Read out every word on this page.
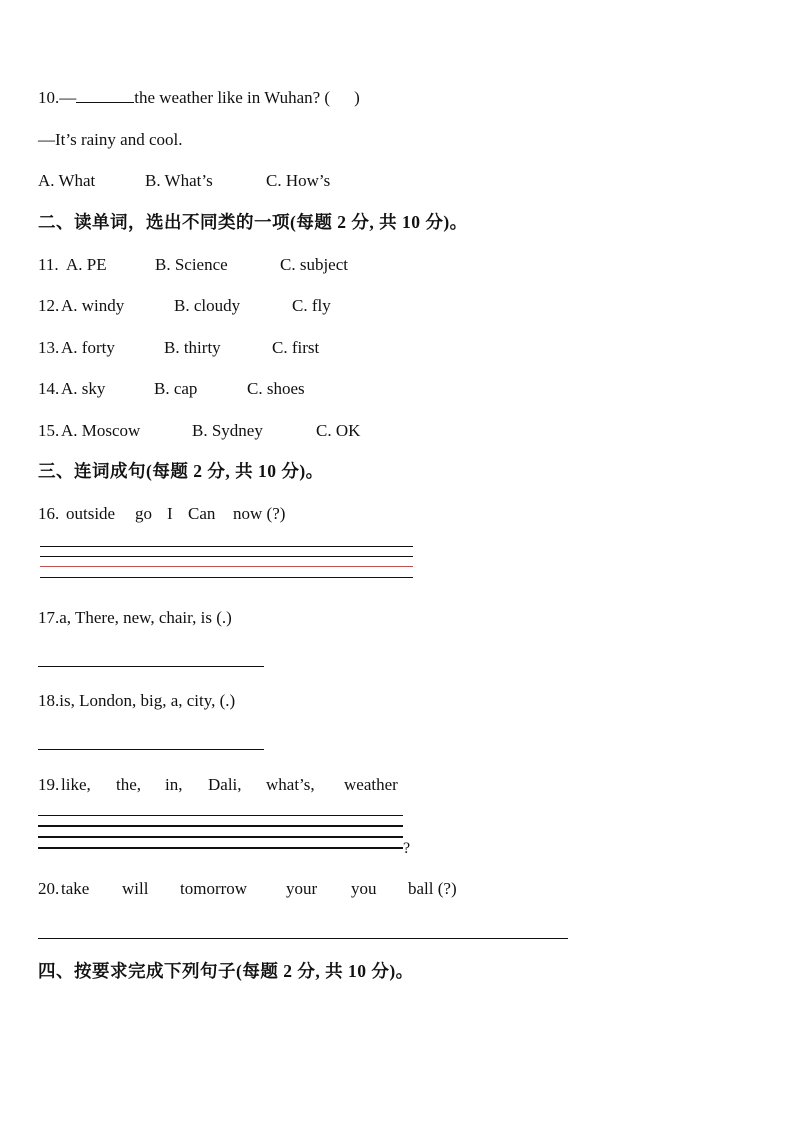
10.—	the weather like in Wuhan? ( )
—It’s rainy and cool.
A. What	B. What’s	C. How’s
二、读单词，选出不同类的一项(每题 2 分, 共 10 分)。
11. A. PE	B. Science	C. subject
12. A. windy	B. cloudy	C. fly
13. A. forty	B. thirty	C. first
14. A. sky	B. cap	C. shoes
15. A. Moscow	B. Sydney	C. OK
三、连词成句(每题 2 分, 共 10 分)。
16. outside go I Can now (?)
17.a, There, new, chair, is (.)
18.is, London, big, a, city, (.)
19. like, the, in, Dali, what’s, weather
?
20. take will tomorrow your you ball (?)
四、按要求完成下列句子(每题 2 分, 共 10 分)。
